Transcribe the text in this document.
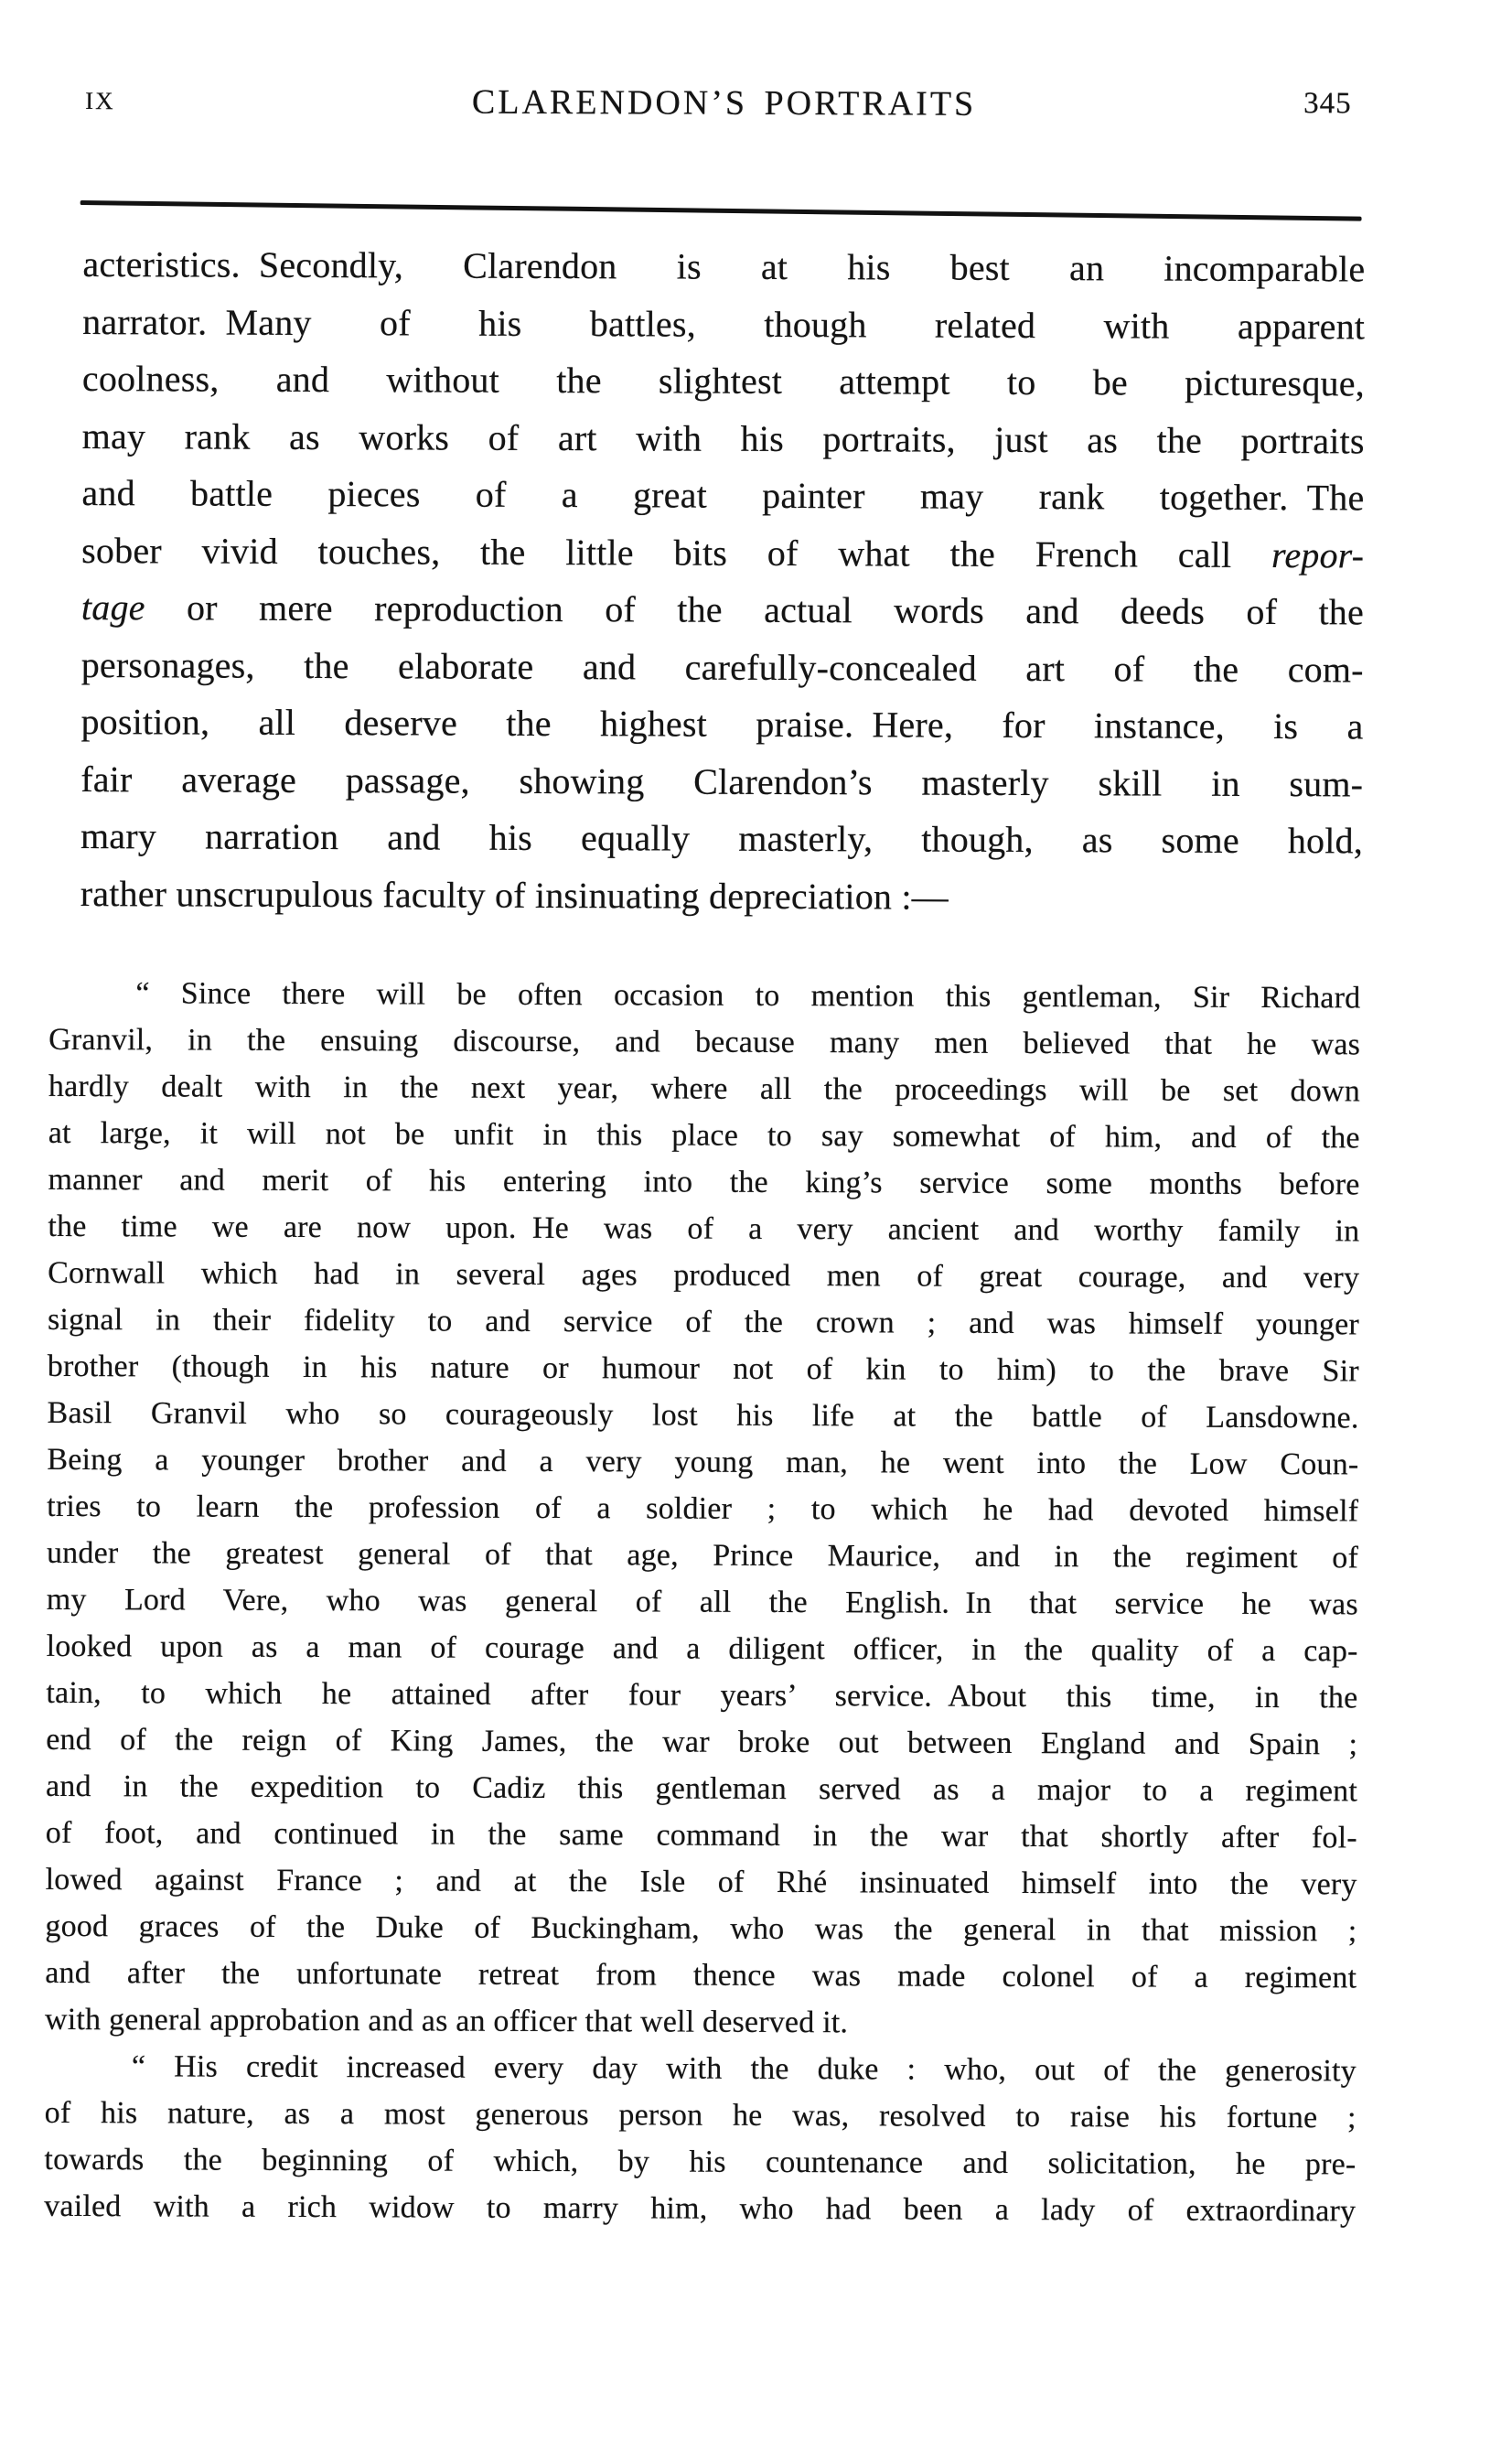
IX	CLARENDON’S PORTRAITS	345
acteristics. Secondly, Clarendon is at his best an incomparable
narrator. Many of his battles, though related with apparent
coolness, and without the slightest attempt to be picturesque,
may rank as works of art with his portraits, just as the portraits
and battle pieces of a great painter may rank together. The
sober vivid touches, the little bits of what the French call repor-
tage or mere reproduction of the actual words and deeds of the
personages, the elaborate and carefully-concealed art of the com-
position, all deserve the highest praise. Here, for instance, is a
fair average passage, showing Clarendon’s masterly skill in sum-
mary narration and his equally masterly, though, as some hold,
rather unscrupulous faculty of insinuating depreciation :—
“ Since there will be often occasion to mention this gentleman, Sir Richard
Granvil, in the ensuing discourse, and because many men believed that he was
hardly dealt with in the next year, where all the proceedings will be set down
at large, it will not be unfit in this place to say somewhat of him, and of the
manner and merit of his entering into the king’s service some months before
the time we are now upon. He was of a very ancient and worthy family in
Cornwall which had in several ages produced men of great courage, and very
signal in their fidelity to and service of the crown ; and was himself younger
brother (though in his nature or humour not of kin to him) to the brave Sir
Basil Granvil who so courageously lost his life at the battle of Lansdowne.
Being a younger brother and a very young man, he went into the Low Coun-
tries to learn the profession of a soldier ; to which he had devoted himself
under the greatest general of that age, Prince Maurice, and in the regiment of
my Lord Vere, who was general of all the English. In that service he was
looked upon as a man of courage and a diligent officer, in the quality of a cap-
tain, to which he attained after four years’ service. About this time, in the
end of the reign of King James, the war broke out between England and Spain ;
and in the expedition to Cadiz this gentleman served as a major to a regiment
of foot, and continued in the same command in the war that shortly after fol-
lowed against France ; and at the Isle of Rhé insinuated himself into the very
good graces of the Duke of Buckingham, who was the general in that mission ;
and after the unfortunate retreat from thence was made colonel of a regiment
with general approbation and as an officer that well deserved it.
“ His credit increased every day with the duke : who, out of the generosity
of his nature, as a most generous person he was, resolved to raise his fortune ;
towards the beginning of which, by his countenance and solicitation, he pre-
vailed with a rich widow to marry him, who had been a lady of extraordinary
